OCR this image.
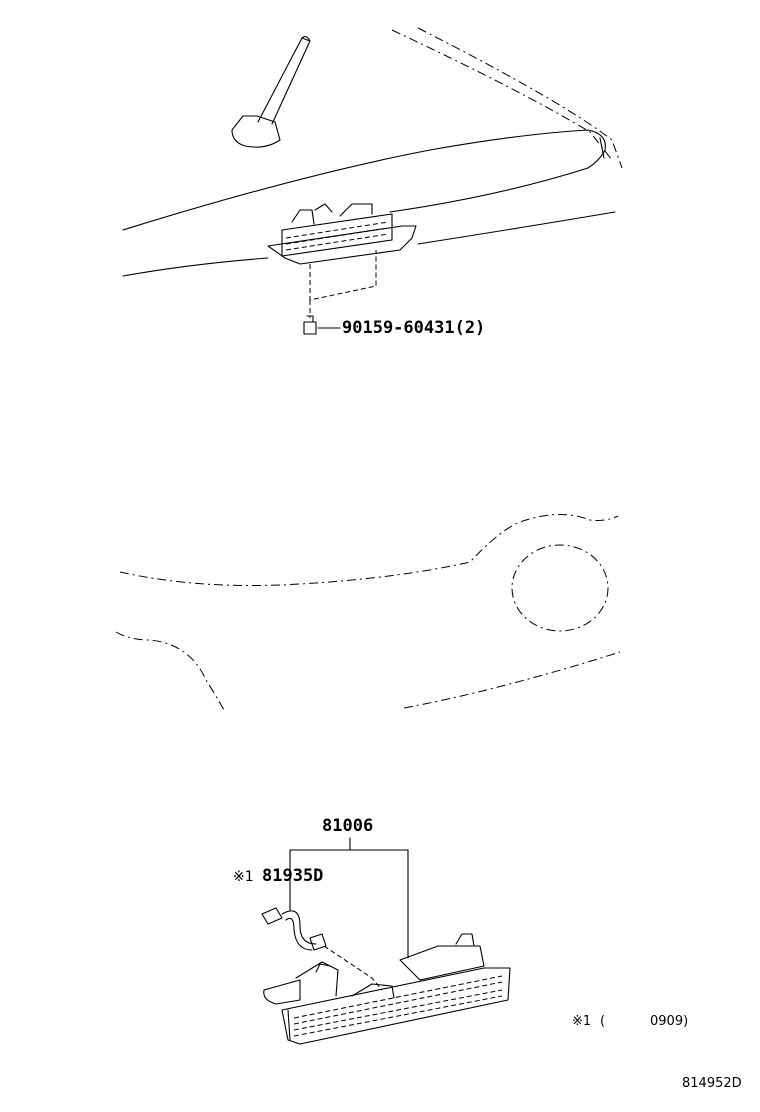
90159-60431(2)
81006
※1 81935D
※1 (	0909)
814952D
